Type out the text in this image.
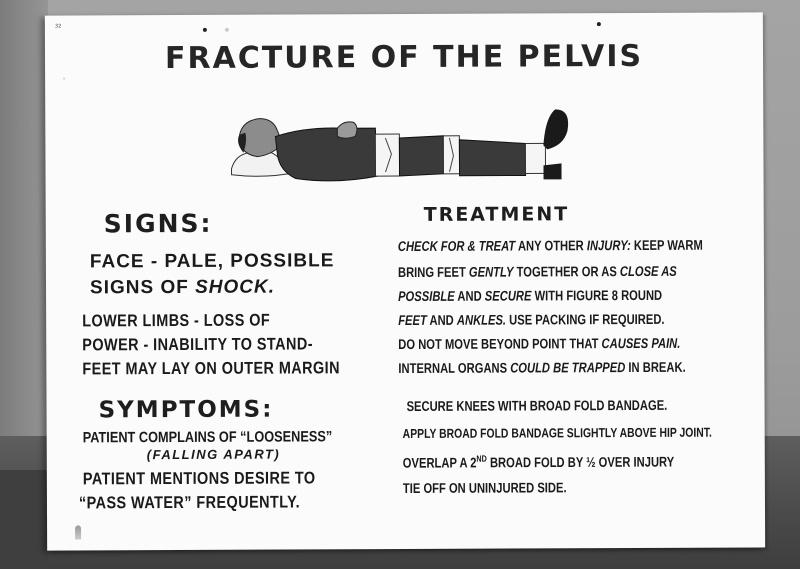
32
FRACTURE OF THE PELVIS
SIGNS:
FACE - PALE, POSSIBLE
SIGNS OF SHOCK.
LOWER LIMBS - LOSS OF
POWER - INABILITY TO STAND-
FEET MAY LAY ON OUTER MARGIN
SYMPTOMS:
PATIENT COMPLAINS OF “LOOSENESS”
(FALLING APART)
PATIENT MENTIONS DESIRE TO
“PASS WATER” FREQUENTLY.
TREATMENT
CHECK FOR & TREAT ANY OTHER INJURY: KEEP WARM
BRING FEET GENTLY TOGETHER OR AS CLOSE AS
POSSIBLE AND SECURE WITH FIGURE 8 ROUND
FEET AND ANKLES. USE PACKING IF REQUIRED.
DO NOT MOVE BEYOND POINT THAT CAUSES PAIN.
INTERNAL ORGANS COULD BE TRAPPED IN BREAK.
SECURE KNEES WITH BROAD FOLD BANDAGE.
APPLY BROAD FOLD BANDAGE SLIGHTLY ABOVE HIP JOINT.
OVERLAP A 2ND BROAD FOLD BY ½ OVER INJURY
TIE OFF ON UNINJURED SIDE.
